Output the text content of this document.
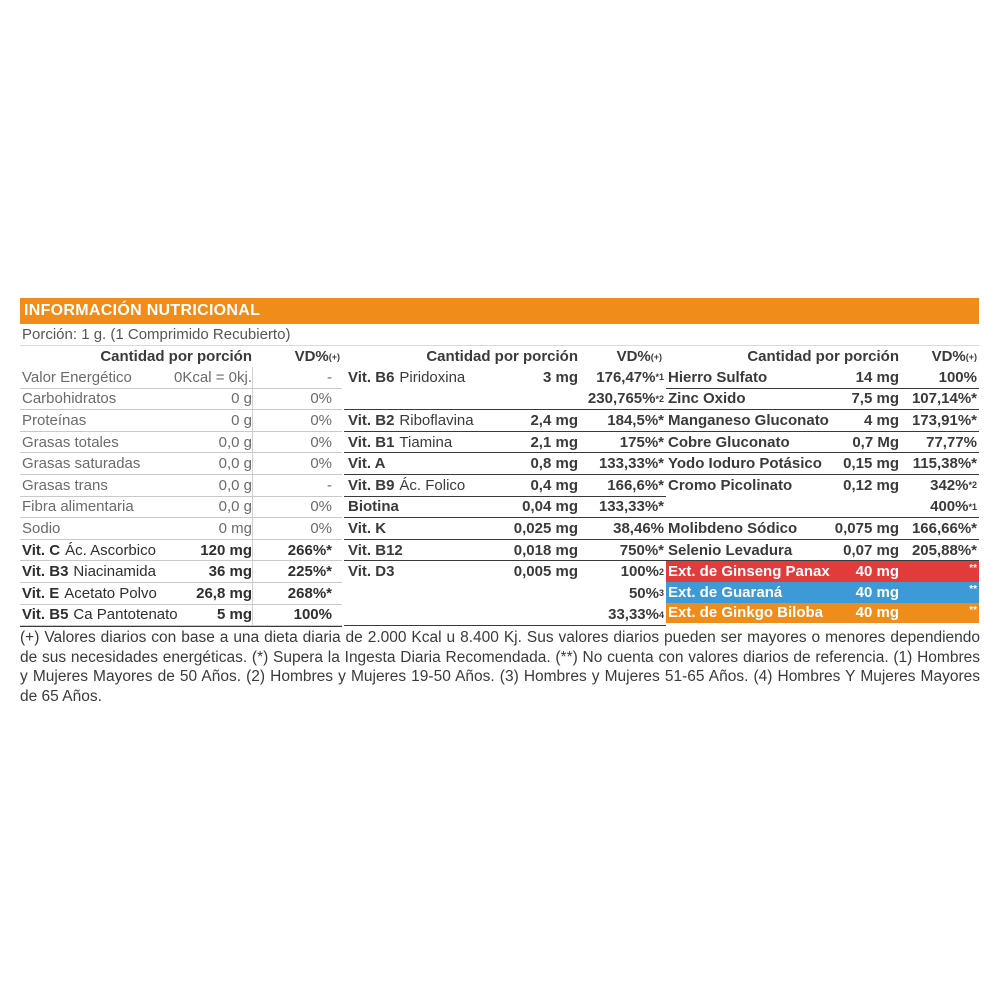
INFORMACIÓN NUTRICIONAL
Porción: 1 g. (1 Comprimido Recubierto)
Cantidad por porción	VD% (+)
Valor Energético	0Kcal = 0kj.	-
Carbohidratos	0 g	0%
Proteínas	0 g	0%
Grasas totales	0,0 g	0%
Grasas saturadas	0,0 g	0%
Grasas trans	0,0 g	-
Fibra alimentaria	0,0 g	0%
Sodio	0 mg	0%
Vit. C Ác. Ascorbico	120 mg	266%*
Vit. B3 Niacinamida	36 mg	225%*
Vit. E Acetato Polvo	26,8 mg	268%*
Vit. B5 Ca Pantotenato	5 mg	100%
Cantidad por porción	VD% (+)
Vit. B6 Piridoxina	3 mg 176,47% *1
230,765% *2
Vit. B2 Riboflavina	2,4 mg 184,5%*
Vit. B1 Tiamina	2,1 mg	175%*
Vit. A	0,8 mg 133,33%*
Vit. B9 Ác. Folico	0,4 mg 166,6%*
Biotina	0,04 mg 133,33%*
Vit. K	0,025 mg 38,46%
Vit. B12	0,018 mg	750%*
Vit. D3	0,005 mg	100% 2
50% 3
33,33% 4
Cantidad por porción VD% (+)
Hierro Sulfato	14 mg	100%
Zinc Oxido	7,5 mg 107,14%*
Manganeso Gluconato	4 mg 173,91%*
Cobre Gluconato	0,7 Mg 77,77%
Yodo Ioduro Potásico	0,15 mg 115,38%*
Cromo Picolinato	0,12 mg 342% *2
400% *1
Molibdeno Sódico	0,075 mg 166,66%*
Selenio Levadura	0,07 mg 205,88%*
Ext. de Ginseng Panax	40 mg	**
Ext. de Guaraná	40 mg	**
Ext. de Ginkgo Biloba	40 mg	**
(+) Valores diarios con base a una dieta diaria de 2.000 Kcal u 8.400 Kj. Sus valores diarios pueden ser mayores o menores dependiendo de sus necesidades energéticas. (*) Supera la Ingesta Diaria Recomendada. (**) No cuenta con valores diarios de referencia. (1) Hombres y Mujeres Mayores de 50 Años. (2) Hombres y Mujeres 19-50 Años. (3) Hombres y Mujeres 51-65 Años. (4) Hombres Y Mujeres Mayores de 65 Años.
